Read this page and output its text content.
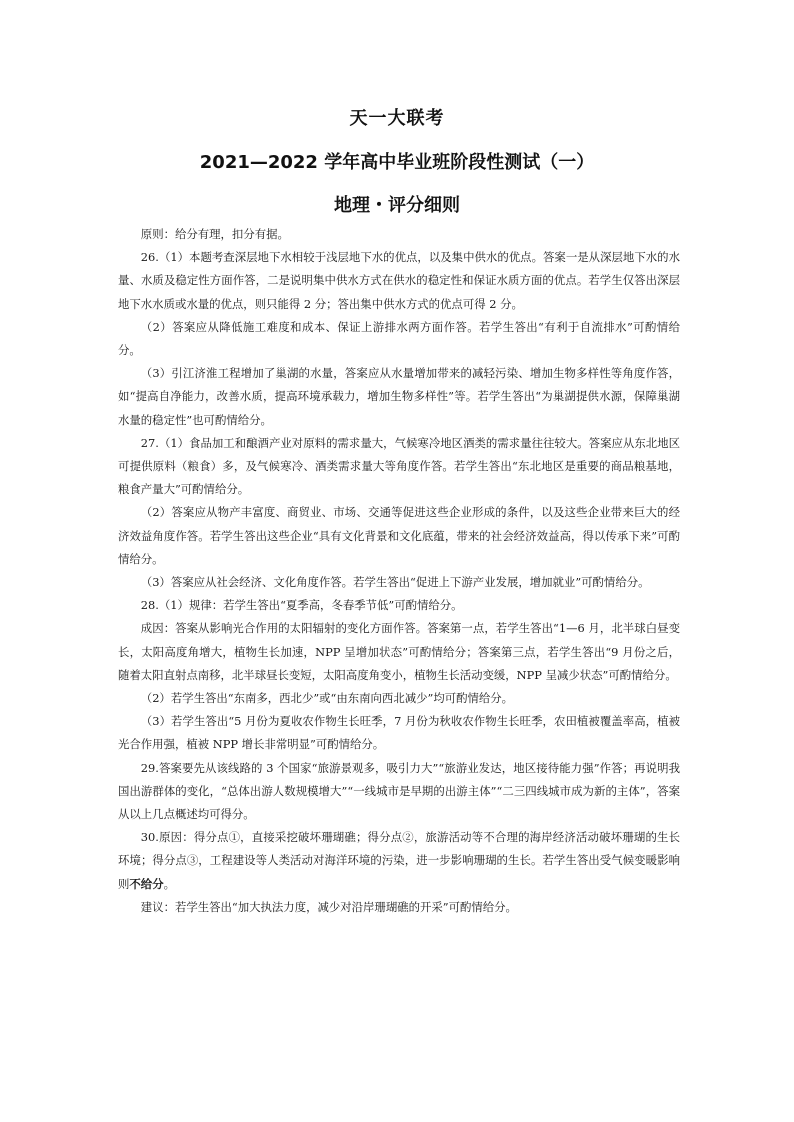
天一大联考
2021—2022 学年高中毕业班阶段性测试（一）
地理・评分细则

原则：给分有理，扣分有据。

26.（1）本题考查深层地下水相较于浅层地下水的优点，以及集中供水的优点。答案一是从深层地下水的水量、水质及稳定性方面作答，二是说明集中供水方式在供水的稳定性和保证水质方面的优点。若学生仅答出深层地下水水质或水量的优点，则只能得 2 分；答出集中供水方式的优点可得 2 分。

（2）答案应从降低施工难度和成本、保证上游排水两方面作答。若学生答出“有利于自流排水”可酌情给分。

（3）引江济淮工程增加了巢湖的水量，答案应从水量增加带来的减轻污染、增加生物多样性等角度作答，如“提高自净能力，改善水质，提高环境承载力，增加生物多样性”等。若学生答出“为巢湖提供水源，保障巢湖水量的稳定性”也可酌情给分。

27.（1）食品加工和酿酒产业对原料的需求量大，气候寒冷地区酒类的需求量往往较大。答案应从东北地区可提供原料（粮食）多，及气候寒冷、酒类需求量大等角度作答。若学生答出“东北地区是重要的商品粮基地，粮食产量大”可酌情给分。

（2）答案应从物产丰富度、商贸业、市场、交通等促进这些企业形成的条件，以及这些企业带来巨大的经济效益角度作答。若学生答出这些企业“具有文化背景和文化底蕴，带来的社会经济效益高，得以传承下来”可酌情给分。

（3）答案应从社会经济、文化角度作答。若学生答出“促进上下游产业发展，增加就业”可酌情给分。

28.（1）规律：若学生答出“夏季高，冬春季节低”可酌情给分。

成因：答案从影响光合作用的太阳辐射的变化方面作答。答案第一点，若学生答出“1—6 月，北半球白昼变长，太阳高度角增大，植物生长加速，NPP 呈增加状态”可酌情给分；答案第三点，若学生答出“9 月份之后，随着太阳直射点南移，北半球昼长变短，太阳高度角变小，植物生长活动变缓，NPP 呈减少状态”可酌情给分。

（2）若学生答出“东南多，西北少”或“由东南向西北减少”均可酌情给分。

（3）若学生答出“5 月份为夏收农作物生长旺季，7 月份为秋收农作物生长旺季，农田植被覆盖率高，植被光合作用强，植被 NPP 增长非常明显”可酌情给分。

29.答案要先从该线路的 3 个国家“旅游景观多，吸引力大”“旅游业发达，地区接待能力强”作答；再说明我国出游群体的变化，“总体出游人数规模增大”“一线城市是早期的出游主体”“二三四线城市成为新的主体”，答案从以上几点概述均可得分。

30.原因：得分点①，直接采挖破坏珊瑚礁；得分点②，旅游活动等不合理的海岸经济活动破坏珊瑚的生长环境；得分点③，工程建设等人类活动对海洋环境的污染，进一步影响珊瑚的生长。若学生答出受气候变暖影响则不给分。

建议：若学生答出“加大执法力度，减少对沿岸珊瑚礁的开采”可酌情给分。
